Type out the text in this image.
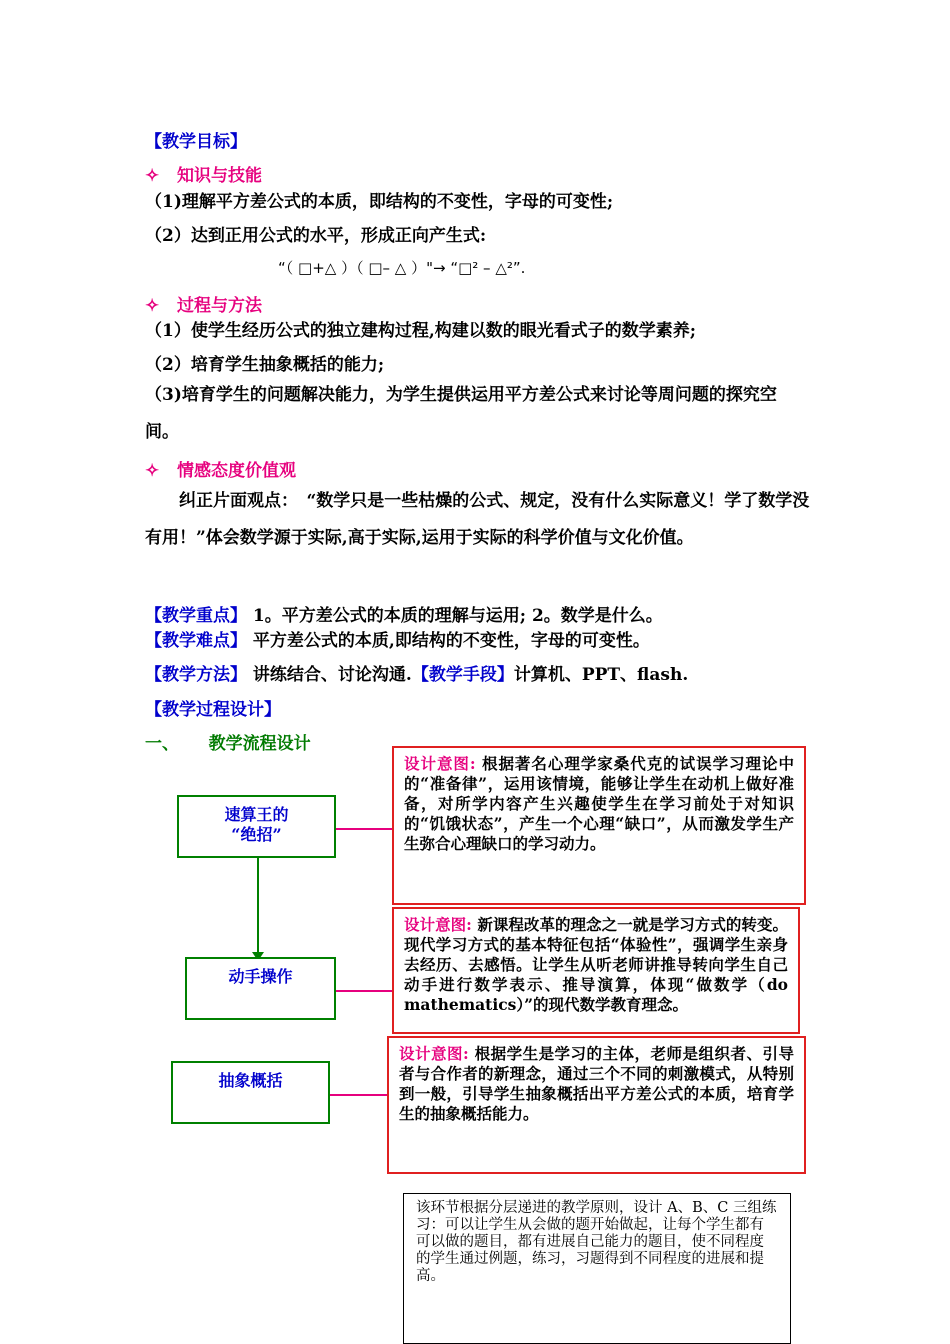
【教学目标】
✧ 知识与技能
（1)理解平方差公式的本质，即结构的不变性，字母的可变性;
（2）达到正用公式的水平，形成正向产生式:
“（ □+△ ）（ □– △ ）"→ “□² – △²”.
✧ 过程与方法
（1）使学生经历公式的独立建构过程,构建以数的眼光看式子的数学素养;
（2）培育学生抽象概括的能力;
（3)培育学生的问题解决能力，为学生提供运用平方差公式来讨论等周问题的探究空间。
✧ 情感态度价值观
纠正片面观点：　“数学只是一些枯燥的公式、规定，没有什么实际意义！学了数学没有用！”体会数学源于实际,高于实际,运用于实际的科学价值与文化价值。
【教学重点】 1。平方差公式的本质的理解与运用; 2。数学是什么。
【教学难点】 平方差公式的本质,即结构的不变性，字母的可变性。
【教学方法】 讲练结合、讨论沟通.【教学手段】计算机、PPT、flash.
【教学过程设计】
一、 教学流程设计
速算王的
“绝招”
动手操作
抽象概括
设计意图: 根据著名心理学家桑代克的试误学习理论中的“准备律”，运用该情境，能够让学生在动机上做好准备，对所学内容产生兴趣使学生在学习前处于对知识的“饥饿状态”，产生一个心理“缺口”，从而激发学生产生弥合心理缺口的学习动力。
设计意图: 新课程改革的理念之一就是学习方式的转变。现代学习方式的基本特征包括“体验性”，强调学生亲身去经历、去感悟。让学生从听老师讲推导转向学生自己动手进行数学表示、推导演算，体现“做数学（do mathematics）”的现代数学教育理念。
设计意图: 根据学生是学习的主体，老师是组织者、引导者与合作者的新理念，通过三个不同的刺激模式，从特别到一般，引导学生抽象概括出平方差公式的本质，培育学生的抽象概括能力。
该环节根据分层递进的教学原则，设计 A、B、C 三组练习：可以让学生从会做的题开始做起，让每个学生都有可以做的题目，都有进展自己能力的题目，使不同程度的学生通过例题，练习，习题得到不同程度的进展和提高。
